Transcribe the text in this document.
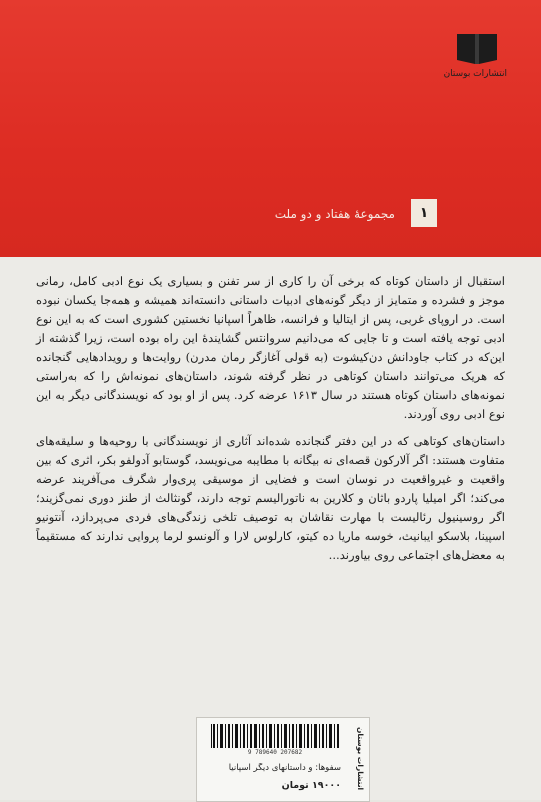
انتشارات بوستان
مجموعهٔ هفتاد و دو ملت	۱

استقبال از داستان کوتاه که برخی آن را کاری از سر تفنن و بسیاری یک نوع ادبی کامل، رمانی موجز و فشرده و متمایز از دیگر گونه‌های ادبیات داستانی دانسته‌اند همیشه و همه‌جا یکسان نبوده است. در اروپای غربی، پس از ایتالیا و فرانسه، ظاهراً اسپانیا نخستین کشوری است که به این نوع ادبی توجه یافته است و تا جایی که می‌دانیم سروانتس گشایندهٔ این راه بوده است، زیرا گذشته از این‌که در کتاب جاودانش دن‌کیشوت (به قولی آغازگر رمان مدرن) روایت‌ها و رویدادهایی گنجانده که هریک می‌توانند داستان کوتاهی در نظر گرفته شوند، داستان‌های نمونه‌اش را که به‌راستی نمونه‌های داستان کوتاه هستند در سال ۱۶۱۳ عرضه کرد. پس از او بود که نویسندگانی دیگر به این نوع ادبی روی آوردند.

داستان‌های کوتاهی که در این دفتر گنجانده شده‌اند آثاری از نویسندگانی با روحیه‌ها و سلیقه‌های متفاوت هستند: اگر آلارکون قصه‌ای نه بیگانه با مطایبه می‌نویسد، گوستابو آدولفو بکر، اثری که بین واقعیت و غیرواقعیت در نوسان است و فضایی از موسیقی پری‌وار شگرف می‌آفریند عرضه می‌کند؛ اگر امیلیا پاردو باثان و کلارین به ناتورالیسم توجه دارند، گونثالث از طنز دوری نمی‌گزیند؛ اگر روسینیول رئالیست با مهارت نقاشان به توصیف تلخی زندگی‌های فردی می‌پردازد، آنتونیو اسپینا، بلاسکو ایبانیث، خوسه ماریا ده کیتو، کارلوس لارا و آلونسو لرما پروایی ندارند که مستقیماً به معضل‌های اجتماعی روی بیاورند...

9 789640 207682
سفوها: و داستانهای دیگر اسپانیا
۱۹۰۰۰ تومان	انتشارات بوستان
